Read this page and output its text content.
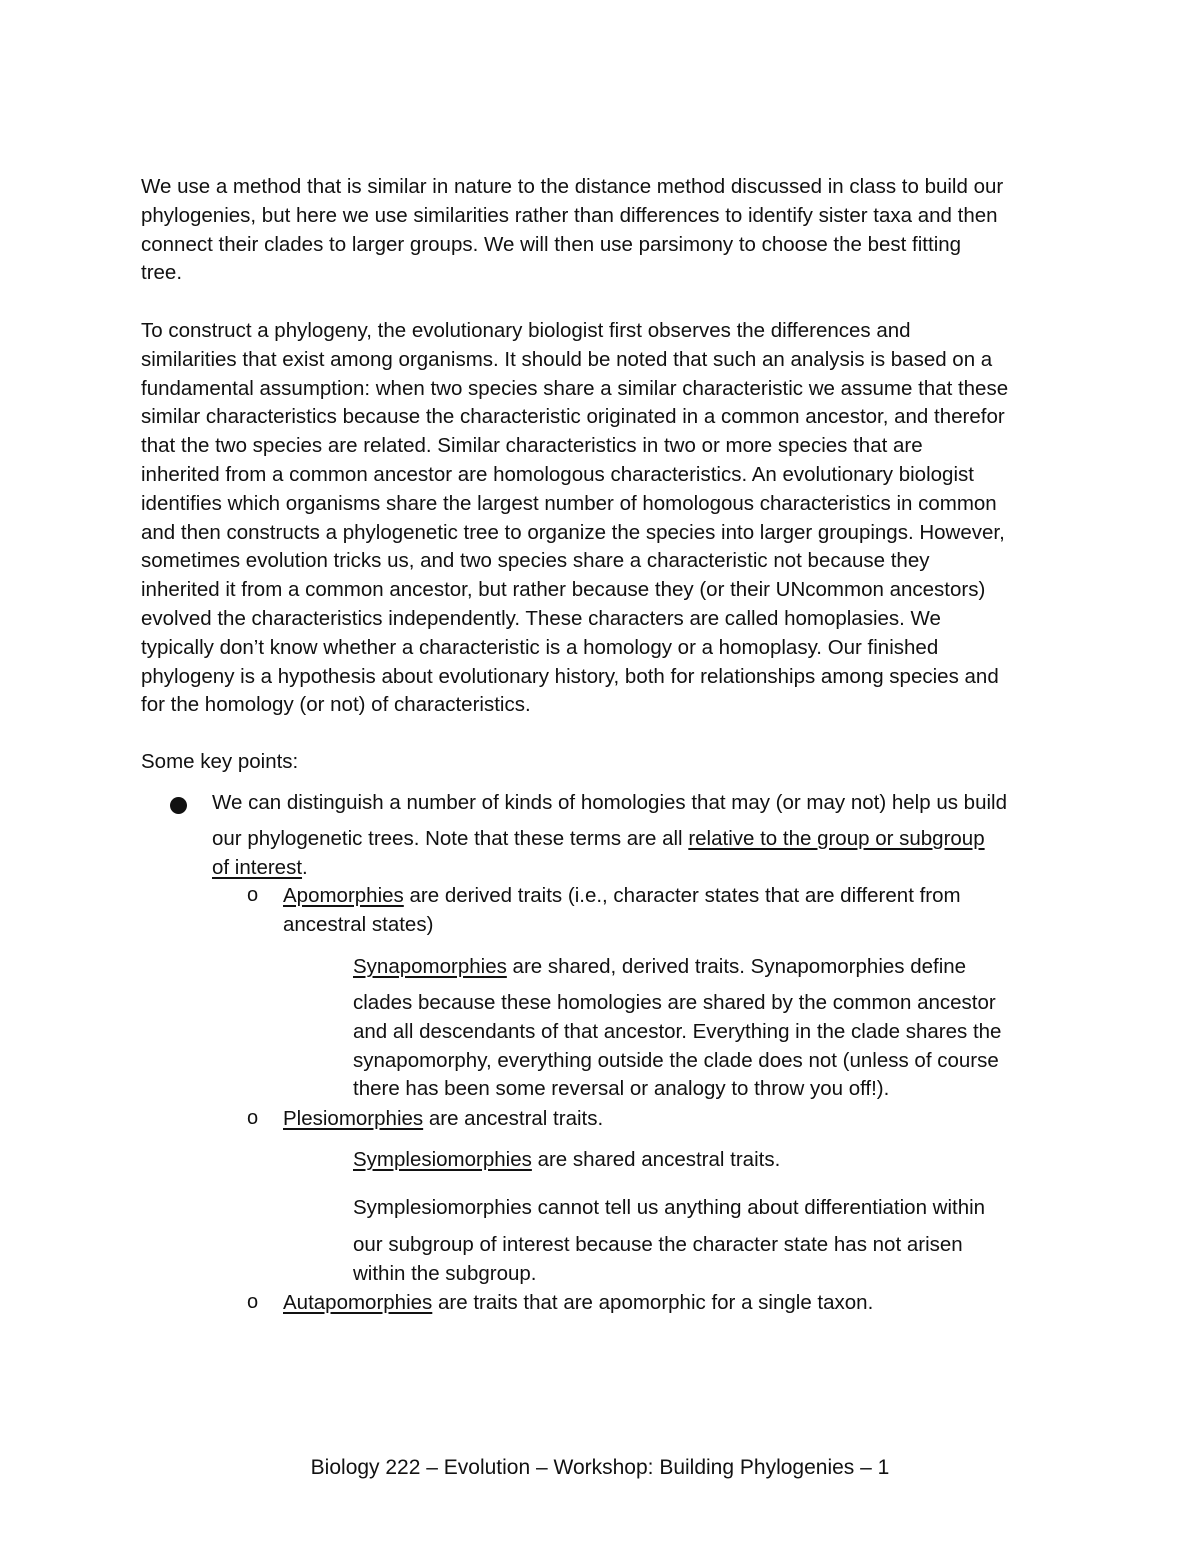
We use a method that is similar in nature to the distance method discussed in class to build our
phylogenies, but here we use similarities rather than differences to identify sister taxa and then
connect their clades to larger groups. We will then use parsimony to choose the best fitting
tree.

To construct a phylogeny, the evolutionary biologist first observes the differences and
similarities that exist among organisms. It should be noted that such an analysis is based on a
fundamental assumption: when two species share a similar characteristic we assume that these
similar characteristics because the characteristic originated in a common ancestor, and therefor
that the two species are related. Similar characteristics in two or more species that are
inherited from a common ancestor are homologous characteristics. An evolutionary biologist
identifies which organisms share the largest number of homologous characteristics in common
and then constructs a phylogenetic tree to organize the species into larger groupings. However,
sometimes evolution tricks us, and two species share a characteristic not because they
inherited it from a common ancestor, but rather because they (or their UNcommon ancestors)
evolved the characteristics independently. These characters are called homoplasies. We
typically don’t know whether a characteristic is a homology or a homoplasy. Our finished
phylogeny is a hypothesis about evolutionary history, both for relationships among species and
for the homology (or not) of characteristics.

Some key points:

We can distinguish a number of kinds of homologies that may (or may not) help us build

our phylogenetic trees. Note that these terms are all relative to the group or subgroup
of interest.

o Apomorphies are derived traits (i.e., character states that are different from
ancestral states)

Synapomorphies are shared, derived traits. Synapomorphies define

clades because these homologies are shared by the common ancestor
and all descendants of that ancestor. Everything in the clade shares the
synapomorphy, everything outside the clade does not (unless of course
there has been some reversal or analogy to throw you off!).

o Plesiomorphies are ancestral traits.

Symplesiomorphies are shared ancestral traits.

Symplesiomorphies cannot tell us anything about differentiation within

our subgroup of interest because the character state has not arisen
within the subgroup.

o Autapomorphies are traits that are apomorphic for a single taxon.

Biology 222 – Evolution – Workshop: Building Phylogenies – 1
